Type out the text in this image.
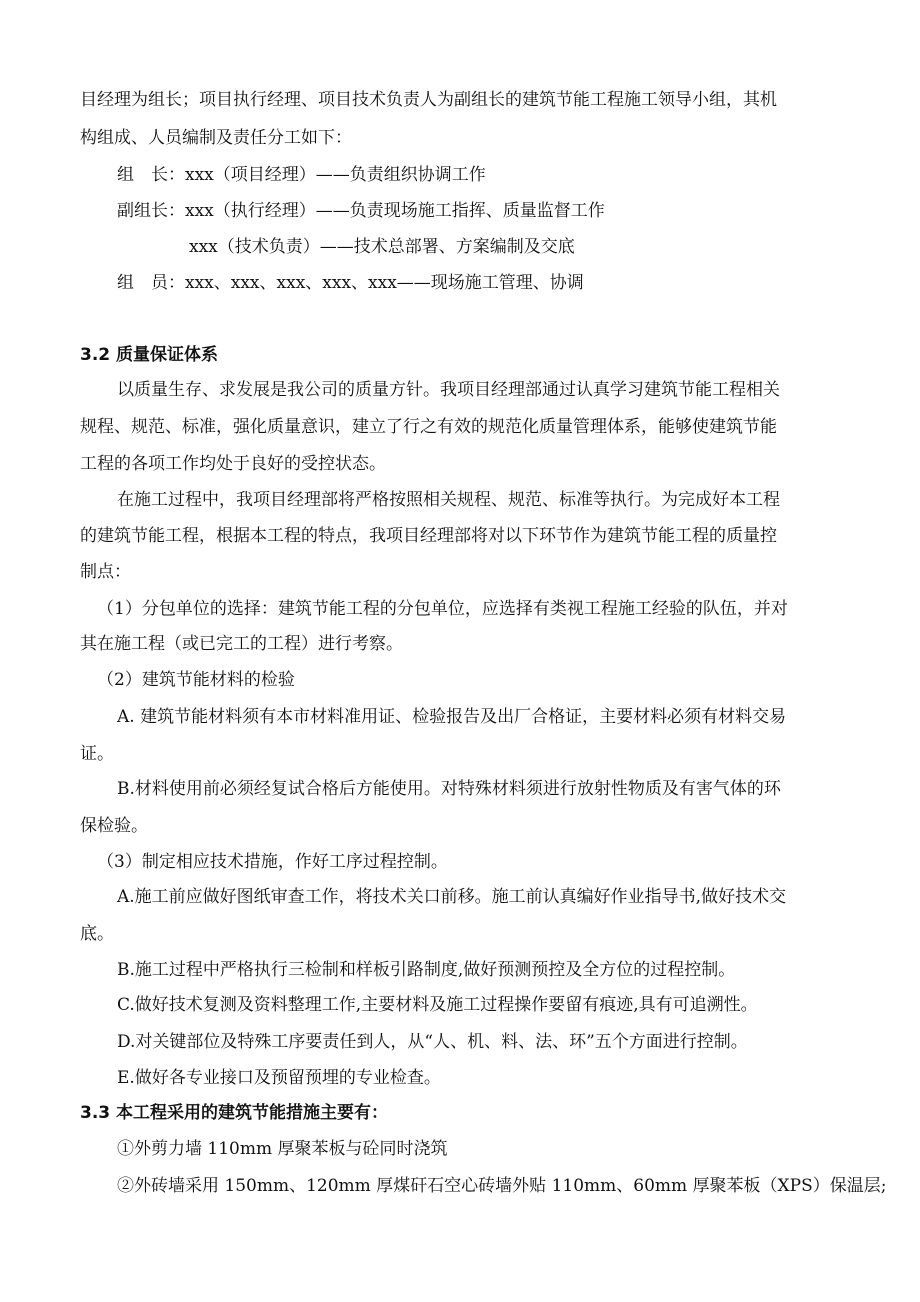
目经理为组长；项目执行经理、项目技术负责人为副组长的建筑节能工程施工领导小组，其机
构组成、人员编制及责任分工如下：
组　长：xxx（项目经理）——负责组织协调工作
副组长：xxx（执行经理）——负责现场施工指挥、质量监督工作
xxx（技术负责）——技术总部署、方案编制及交底
组　员：xxx、xxx、xxx、xxx、xxx——现场施工管理、协调
3.2 质量保证体系
以质量生存、求发展是我公司的质量方针。我项目经理部通过认真学习建筑节能工程相关
规程、规范、标准，强化质量意识，建立了行之有效的规范化质量管理体系，能够使建筑节能
工程的各项工作均处于良好的受控状态。
在施工过程中，我项目经理部将严格按照相关规程、规范、标准等执行。为完成好本工程
的建筑节能工程，根据本工程的特点，我项目经理部将对以下环节作为建筑节能工程的质量控
制点：
（1）分包单位的选择：建筑节能工程的分包单位，应选择有类视工程施工经验的队伍，并对
其在施工程（或已完工的工程）进行考察。
（2）建筑节能材料的检验
A. 建筑节能材料须有本市材料准用证、检验报告及出厂合格证，主要材料必须有材料交易
证。
B.材料使用前必须经复试合格后方能使用。对特殊材料须进行放射性物质及有害气体的环
保检验。
（3）制定相应技术措施，作好工序过程控制。
A.施工前应做好图纸审查工作，将技术关口前移。施工前认真编好作业指导书,做好技术交
底。
B.施工过程中严格执行三检制和样板引路制度,做好预测预控及全方位的过程控制。
C.做好技术复测及资料整理工作,主要材料及施工过程操作要留有痕迹,具有可追溯性。
D.对关键部位及特殊工序要责任到人，从“人、机、料、法、环”五个方面进行控制。
E.做好各专业接口及预留预埋的专业检查。
3.3 本工程采用的建筑节能措施主要有：
①外剪力墙 110mm 厚聚苯板与砼同时浇筑
②外砖墙采用 150mm、120mm 厚煤矸石空心砖墙外贴 110mm、60mm 厚聚苯板（XPS）保温层;
